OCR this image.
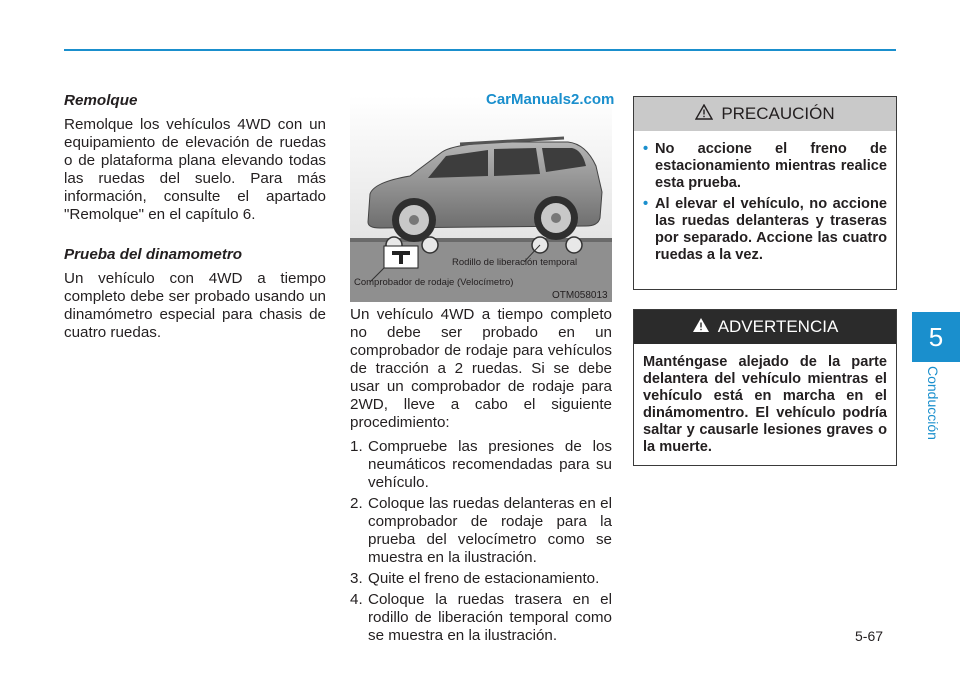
5
Conducción
Remolque

Remolque los vehículos 4WD con un equipamiento de elevación de ruedas o de plataforma plana elevando todas las ruedas del suelo. Para más información, consulte el apartado "Remolque" en el capítulo 6.

Prueba del dinamometro

Un vehículo con 4WD a tiempo completo debe ser probado usando un dinamómetro especial para chasis de cuatro ruedas.

Rodillo de liberación temporal
Comprobador de rodaje (Velocímetro)
OTM058013
CarManuals2.com

Un vehículo 4WD a tiempo completo no debe ser probado en un comprobador de rodaje para vehículos de tracción a 2 ruedas. Si se debe usar un comprobador de rodaje para 2WD, lleve a cabo el siguiente procedimiento:

1. Compruebe las presiones de los neumáticos recomendadas para su vehículo.
2. Coloque las ruedas delanteras en el comprobador de rodaje para la prueba del velocímetro como se muestra en la ilustración.
3. Quite el freno de estacionamiento.
4. Coloque la ruedas trasera en el rodillo de liberación temporal como se muestra en la ilustración.
PRECAUCIÓN
• No accione el freno de estacionamiento mientras realice esta prueba.
• Al elevar el vehículo, no accione las ruedas delanteras y traseras por separado. Accione las cuatro ruedas a la vez.
ADVERTENCIA

Manténgase alejado de la parte delantera del vehículo mientras el vehículo está en marcha en el dinámomentro. El vehículo podría saltar y causarle lesiones graves o la muerte.

5-67
